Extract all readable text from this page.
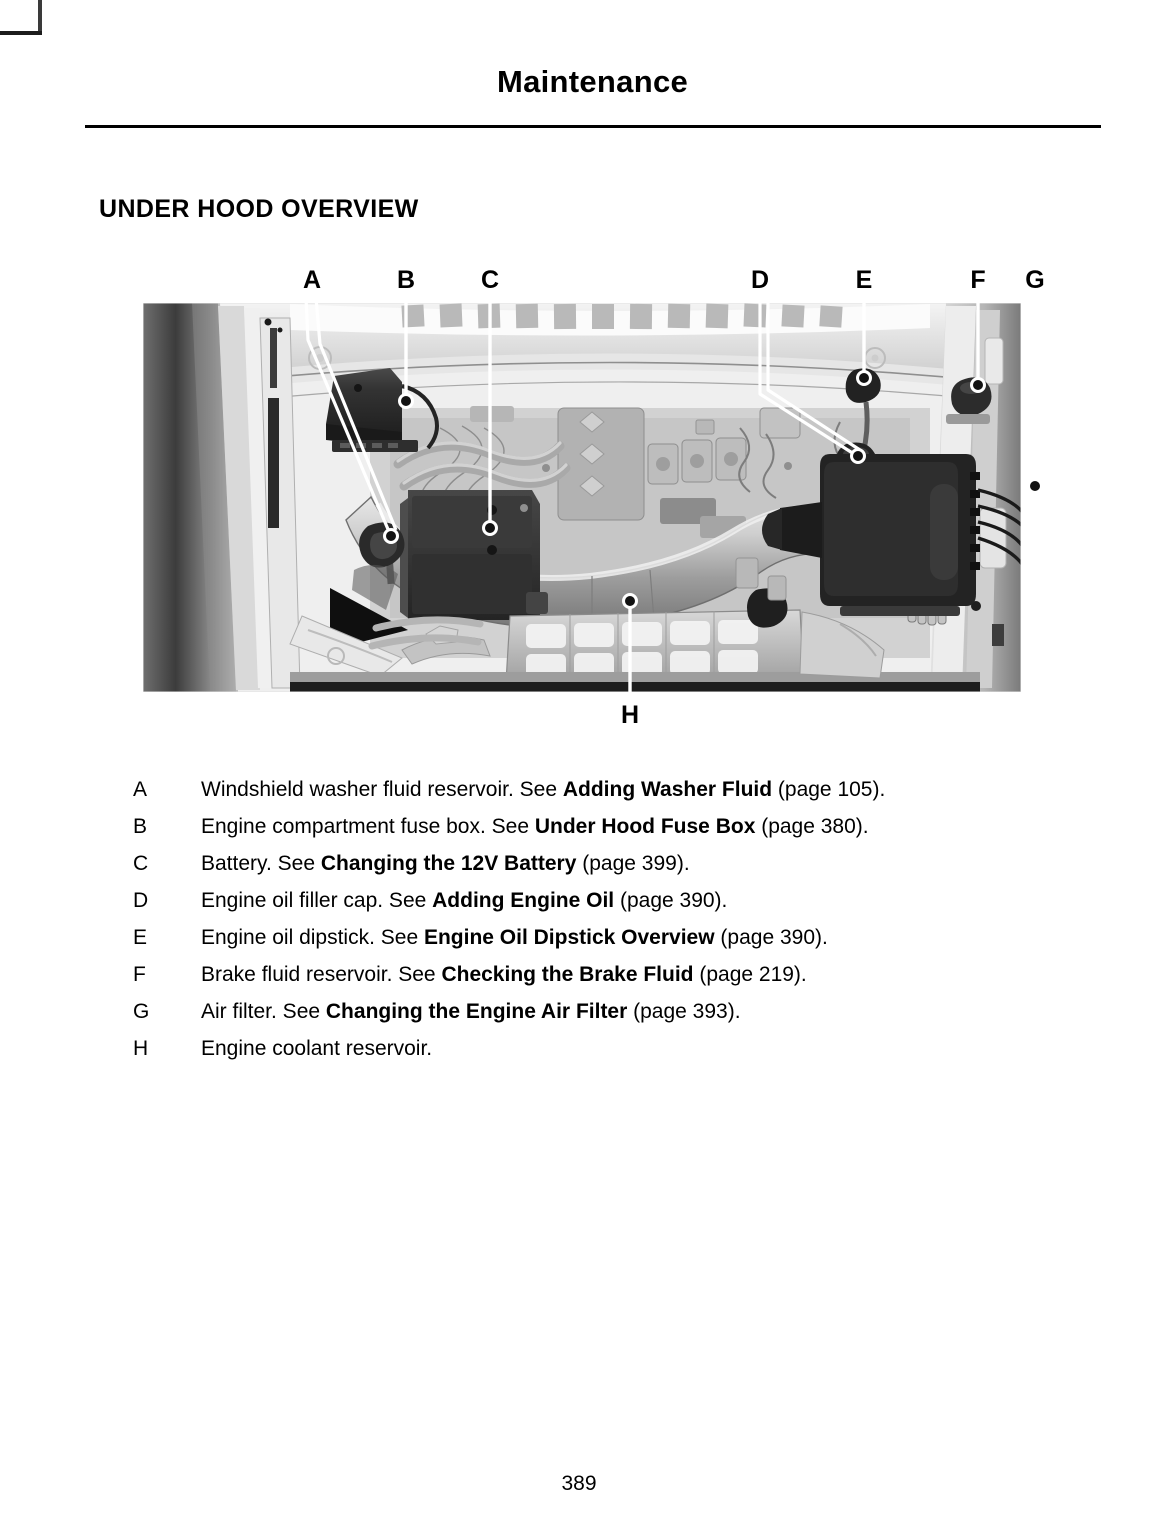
Maintenance
UNDER HOOD OVERVIEW
A	B	C	D	E	F G
H
A	Windshield washer fluid reservoir. See Adding Washer Fluid (page 105).
B	Engine compartment fuse box. See Under Hood Fuse Box (page 380).
C	Battery. See Changing the 12V Battery (page 399).
D	Engine oil filler cap. See Adding Engine Oil (page 390).
E	Engine oil dipstick. See Engine Oil Dipstick Overview (page 390).
F	Brake fluid reservoir. See Checking the Brake Fluid (page 219).
G	Air filter. See Changing the Engine Air Filter (page 393).
H	Engine coolant reservoir.
389
